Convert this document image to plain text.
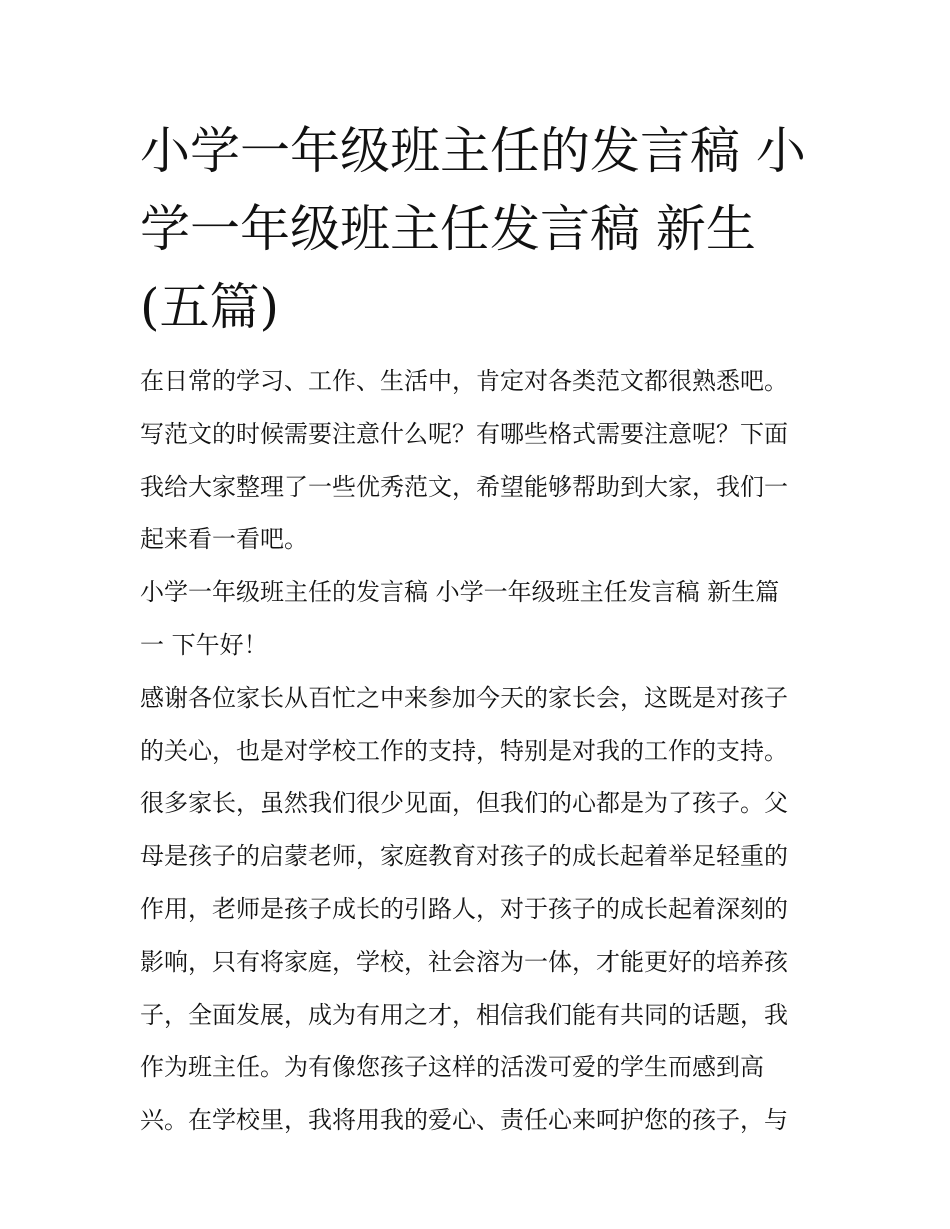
小学一年级班主任的发言稿 小
学一年级班主任发言稿 新生
(五篇)
在日常的学习、工作、生活中，肯定对各类范文都很熟悉吧。
写范文的时候需要注意什么呢？有哪些格式需要注意呢？下面
我给大家整理了一些优秀范文，希望能够帮助到大家，我们一
起来看一看吧。
小学一年级班主任的发言稿 小学一年级班主任发言稿 新生篇
一 下午好！
感谢各位家长从百忙之中来参加今天的家长会，这既是对孩子
的关心，也是对学校工作的支持，特别是对我的工作的支持。
很多家长，虽然我们很少见面，但我们的心都是为了孩子。父
母是孩子的启蒙老师，家庭教育对孩子的成长起着举足轻重的
作用，老师是孩子成长的引路人，对于孩子的成长起着深刻的
影响，只有将家庭，学校，社会溶为一体，才能更好的培养孩
子，全面发展，成为有用之才，相信我们能有共同的话题，我
作为班主任。为有像您孩子这样的活泼可爱的学生而感到高
兴。在学校里，我将用我的爱心、责任心来呵护您的孩子，与
